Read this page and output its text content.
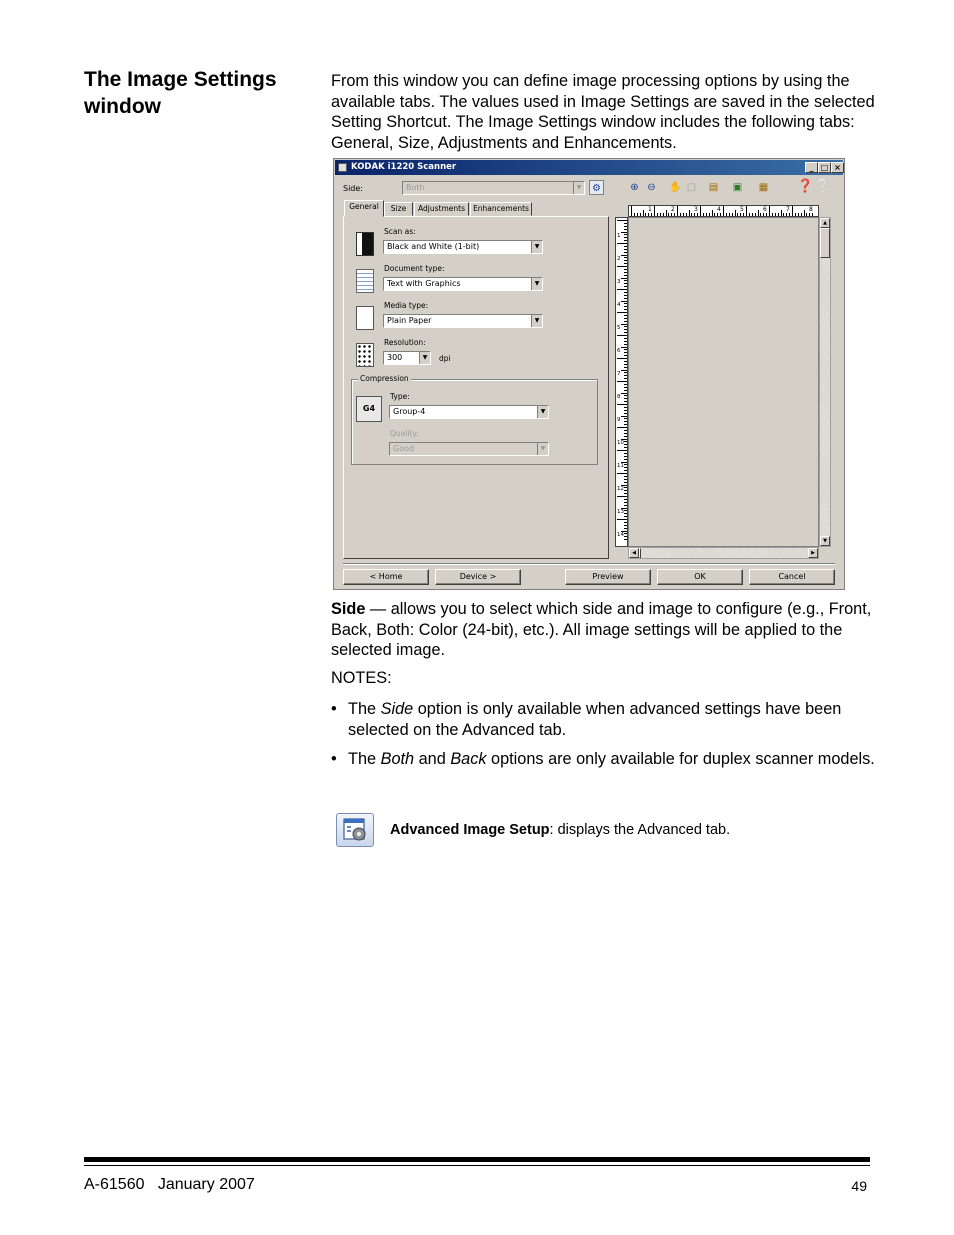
The Image Settings window

From this window you can define image processing options by using the available tabs. The values used in Image Settings are saved in the selected Setting Shortcut. The Image Settings window includes the following tabs: General, Size, Adjustments and Enhancements.

KODAK i1220 Scanner	_ □ ×
Side:	Both	▼	⚙	⊕ ⊖	✋ ▢ ▤ ▣ ▦ ❓ ❔
General	Size	Adjustments	Enhancements
Scan as:
Black and White (1-bit)	▼
Document type:
Text with Graphics	▼
Media type:
Plain Paper	▼
Resolution:
300	▼	dpi
Compression
G4
Type:
Group-4	▼
Quality:
Good	▼
1	2	3	4	5	6	7	8
1
2
3
4
5
6
7
8
9
10
11
12
13
14
▲
▼
◀	▶
< Home	Device >	Preview	OK	Cancel

Side — allows you to select which side and image to configure (e.g., Front, Back, Both: Color (24-bit), etc.). All image settings will be applied to the selected image.

NOTES:

• The Side option is only available when advanced settings have been selected on the Advanced tab.
• The Both and Back options are only available for duplex scanner models.
Advanced Image Setup: displays the Advanced tab.
A-61560   January 2007	49
